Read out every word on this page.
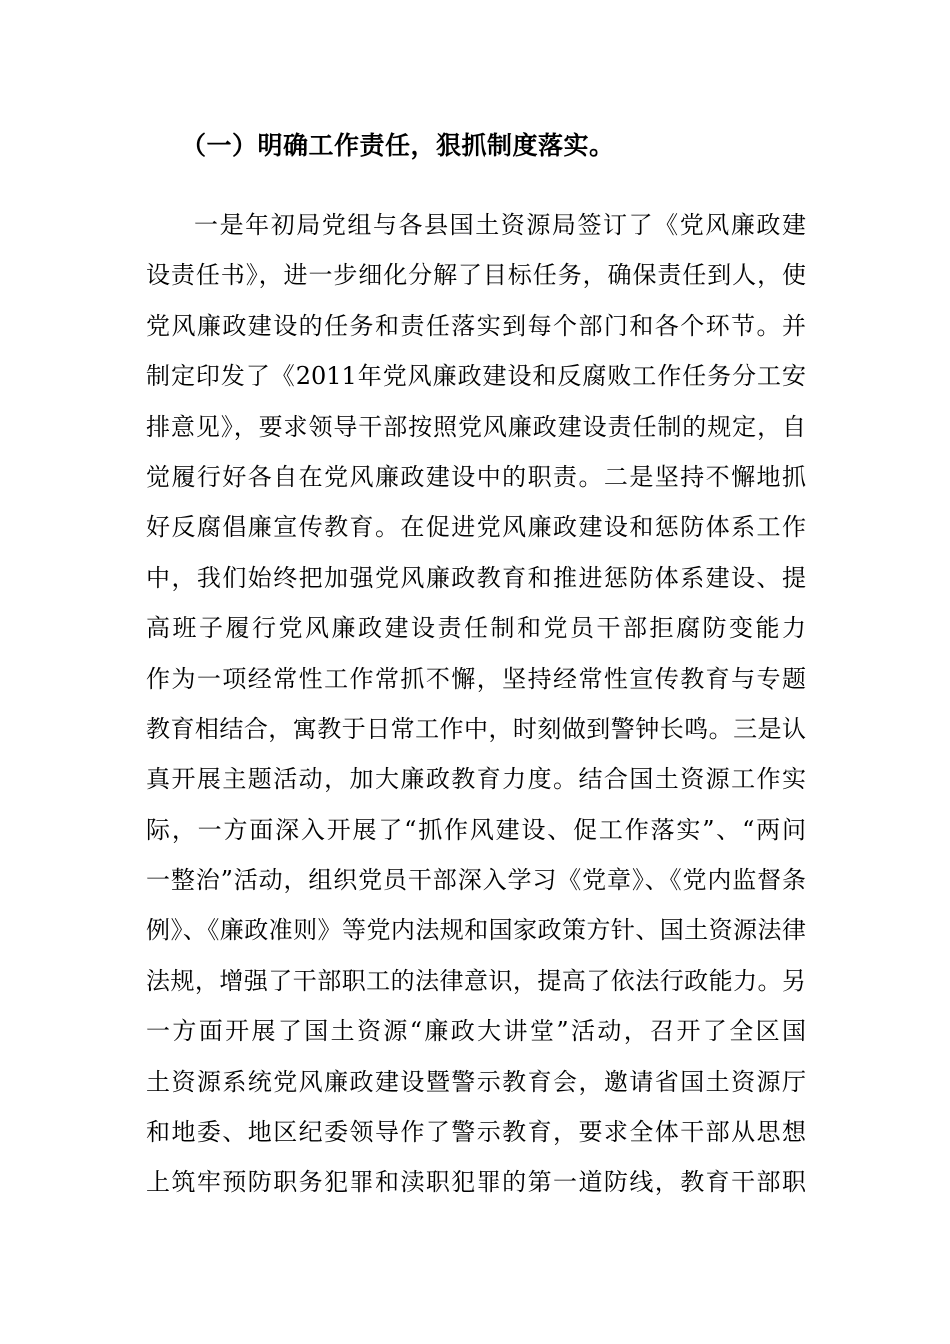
（一）明确工作责任，狠抓制度落实。
一是年初局党组与各县国土资源局签订了《党风廉政建
设责任书》，进一步细化分解了目标任务，确保责任到人，使
党风廉政建设的任务和责任落实到每个部门和各个环节。并
制定印发了《2011年党风廉政建设和反腐败工作任务分工安
排意见》，要求领导干部按照党风廉政建设责任制的规定，自
觉履行好各自在党风廉政建设中的职责。二是坚持不懈地抓
好反腐倡廉宣传教育。在促进党风廉政建设和惩防体系工作
中，我们始终把加强党风廉政教育和推进惩防体系建设、提
高班子履行党风廉政建设责任制和党员干部拒腐防变能力
作为一项经常性工作常抓不懈，坚持经常性宣传教育与专题
教育相结合，寓教于日常工作中，时刻做到警钟长鸣。三是认
真开展主题活动，加大廉政教育力度。结合国土资源工作实
际，一方面深入开展了“抓作风建设、促工作落实”、“两问
一整治”活动，组织党员干部深入学习《党章》、《党内监督条
例》、《廉政准则》等党内法规和国家政策方针、国土资源法律
法规，增强了干部职工的法律意识，提高了依法行政能力。另
一方面开展了国土资源“廉政大讲堂”活动，召开了全区国
土资源系统党风廉政建设暨警示教育会，邀请省国土资源厅
和地委、地区纪委领导作了警示教育，要求全体干部从思想
上筑牢预防职务犯罪和渎职犯罪的第一道防线，教育干部职
